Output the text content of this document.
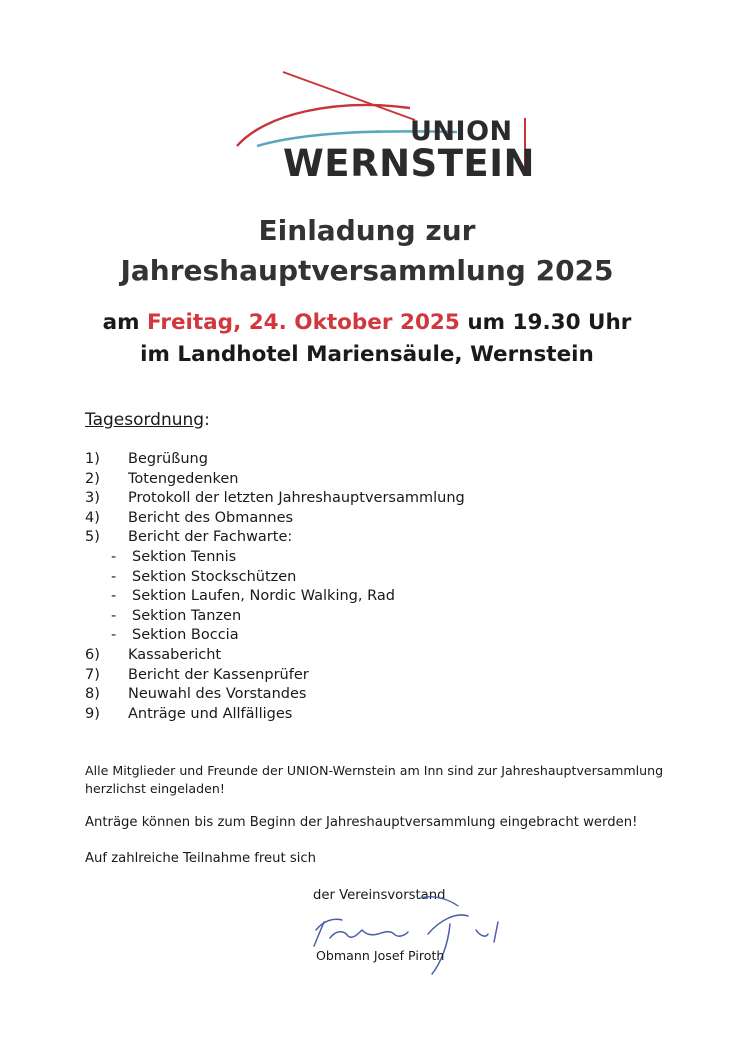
UNION
WERNSTEIN
Einladung zur
Jahreshauptversammlung 2025
am Freitag, 24. Oktober 2025 um 19.30 Uhr
im Landhotel Mariensäule, Wernstein
Tagesordnung:
1)	Begrüßung
2)	Totengedenken
3)	Protokoll der letzten Jahreshauptversammlung
4)	Bericht des Obmannes
5)	Bericht der Fachwarte:
- Sektion Tennis
- Sektion Stockschützen
- Sektion Laufen, Nordic Walking, Rad
- Sektion Tanzen
- Sektion Boccia
6)	Kassabericht
7)	Bericht der Kassenprüfer
8)	Neuwahl des Vorstandes
9)	Anträge und Allfälliges
Alle Mitglieder und Freunde der UNION-Wernstein am Inn sind zur Jahreshauptversammlung herzlichst eingeladen!
Anträge können bis zum Beginn der Jahreshauptversammlung eingebracht werden!
Auf zahlreiche Teilnahme freut sich
der Vereinsvorstand
Obmann Josef Piroth
